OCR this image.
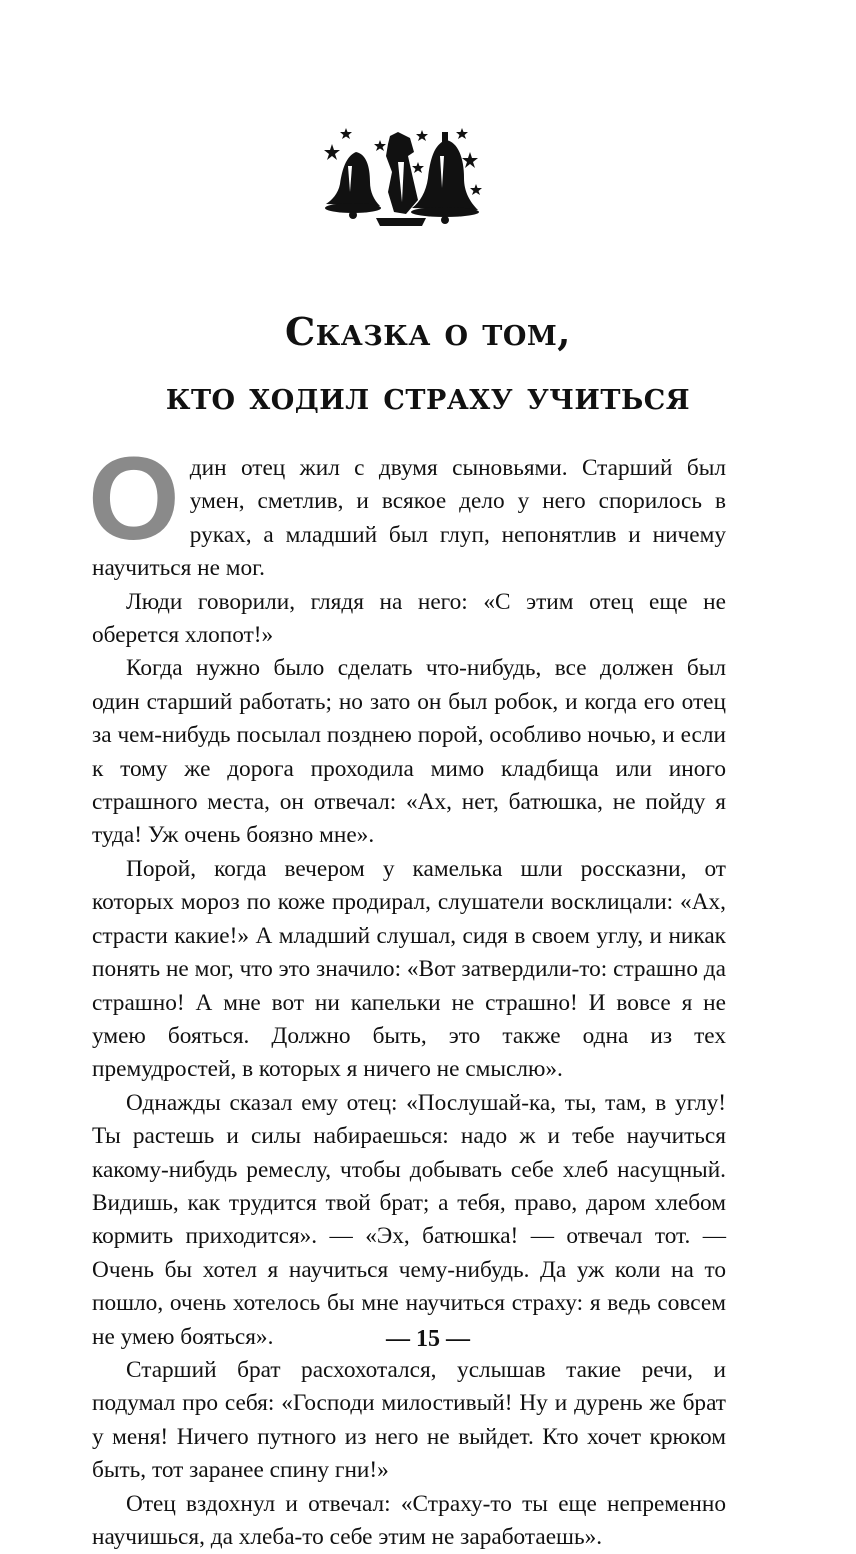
Сказка о том,
кто ходил страху учиться

Один отец жил с двумя сыновьями. Старший был умен, сметлив, и всякое дело у него спорилось в руках, а младший был глуп, непонятлив и ничему научиться не мог.

Люди говорили, глядя на него: «С этим отец еще не оберется хлопот!»

Когда нужно было сделать что-нибудь, все должен был один старший работать; но зато он был робок, и когда его отец за чем-нибудь посылал позднею порой, особливо ночью, и если к тому же дорога проходила мимо кладбища или иного страшного места, он отвечал: «Ах, нет, батюшка, не пойду я туда! Уж очень боязно мне».

Порой, когда вечером у камелька шли россказни, от которых мороз по коже продирал, слушатели восклицали: «Ах, страсти какие!» А младший слушал, сидя в своем углу, и никак понять не мог, что это значило: «Вот затвердили-то: страшно да страшно! А мне вот ни капельки не страшно! И вовсе я не умею бояться. Должно быть, это также одна из тех премудростей, в которых я ничего не смыслю».

Однажды сказал ему отец: «Послушай-ка, ты, там, в углу! Ты растешь и силы набираешься: надо ж и тебе научиться какому-нибудь ремеслу, чтобы добывать себе хлеб насущный. Видишь, как трудится твой брат; а тебя, право, даром хлебом кормить приходится». — «Эх, батюшка! — отвечал тот. — Очень бы хотел я научиться чему-нибудь. Да уж коли на то пошло, очень хотелось бы мне научиться страху: я ведь совсем не умею бояться».

Старший брат расхохотался, услышав такие речи, и подумал про себя: «Господи милостивый! Ну и дурень же брат у меня! Ничего путного из него не выйдет. Кто хочет крюком быть, тот заранее спину гни!»

Отец вздохнул и отвечал: «Страху-то ты еще непременно научишься, да хлеба-то себе этим не заработаешь».

— 15 —
